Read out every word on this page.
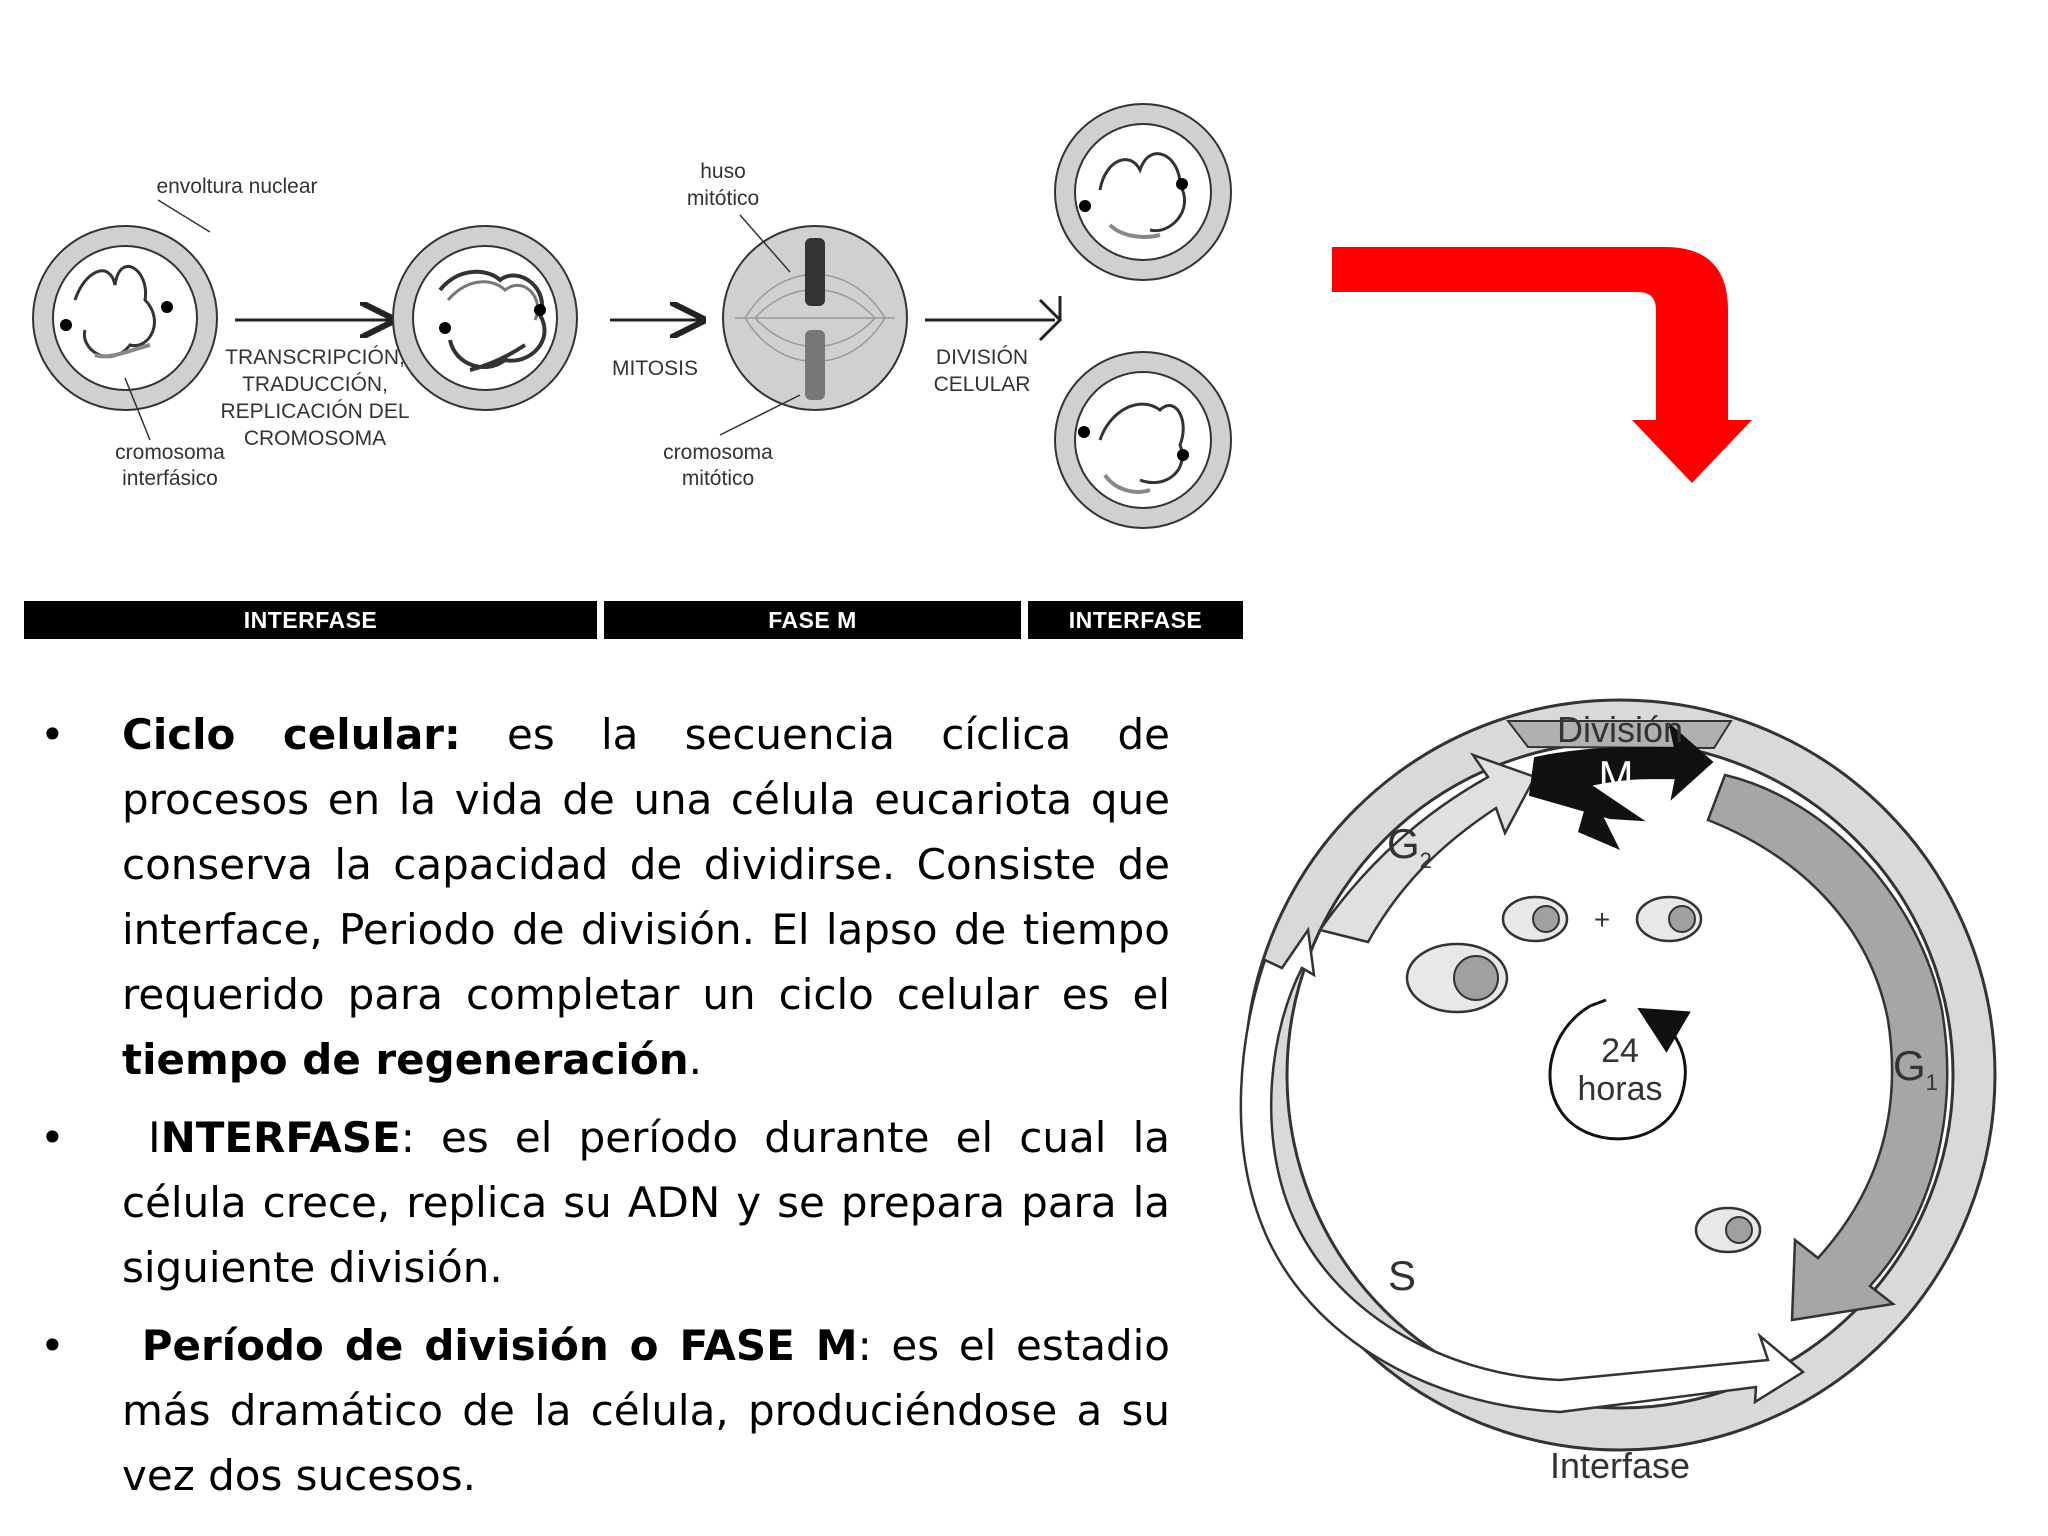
envoltura nuclear
cromosoma
interfásico
TRANSCRIPCIÓN,
TRADUCCIÓN,
REPLICACIÓN DEL
CROMOSOMA
huso
mitótico
MITOSIS
cromosoma
mitótico
DIVISIÓN
CELULAR
INTERFASE	FASE M	INTERFASE
+
División
Interfase
M
$G_2$
$G_1$
S
24
horas
• Ciclo celular: es la secuencia cíclica de procesos en la vida de una célula eucariota que conserva la capacidad de dividirse. Consiste de interface, Periodo de división. El lapso de tiempo requerido para completar un ciclo celular es el tiempo de regeneración.
• INTERFASE: es el período durante el cual la célula crece, replica su ADN y se prepara para la siguiente división.
• Período de división o FASE M: es el estadio más dramático de la célula, produciéndose a su vez dos sucesos.
